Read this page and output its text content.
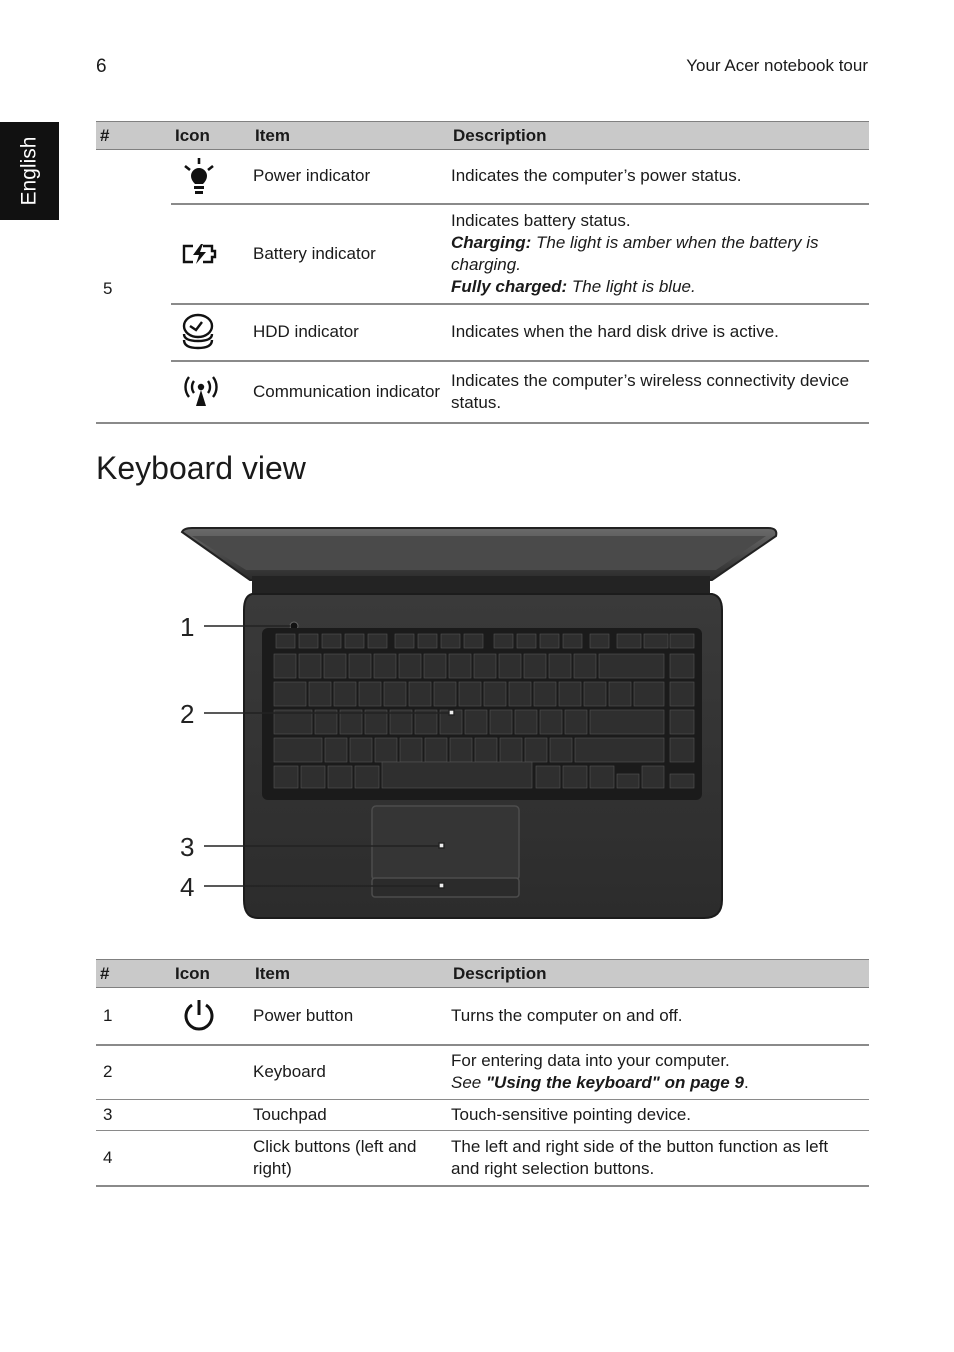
6	Your Acer notebook tour
English
#	Icon	Item	Description
5		Power indicator	Indicates the computer’s power status.

	Battery indicator	Indicates battery status.
Charging: The light is amber when the battery is charging.
Fully charged: The light is blue.

	HDD indicator	Indicates when the hard disk drive is active.

	Communication indicator	Indicates the computer’s wireless connectivity device status.
Keyboard view
1
2
3
4
#	Icon	Item	Description
1		Power button	Turns the computer on and off.
2		Keyboard	For entering data into your computer.
See "Using the keyboard" on page 9.

3		Touchpad	Touch-sensitive pointing device.
4		Click buttons (left and right)	The left and right side of the button function as left and right selection buttons.
